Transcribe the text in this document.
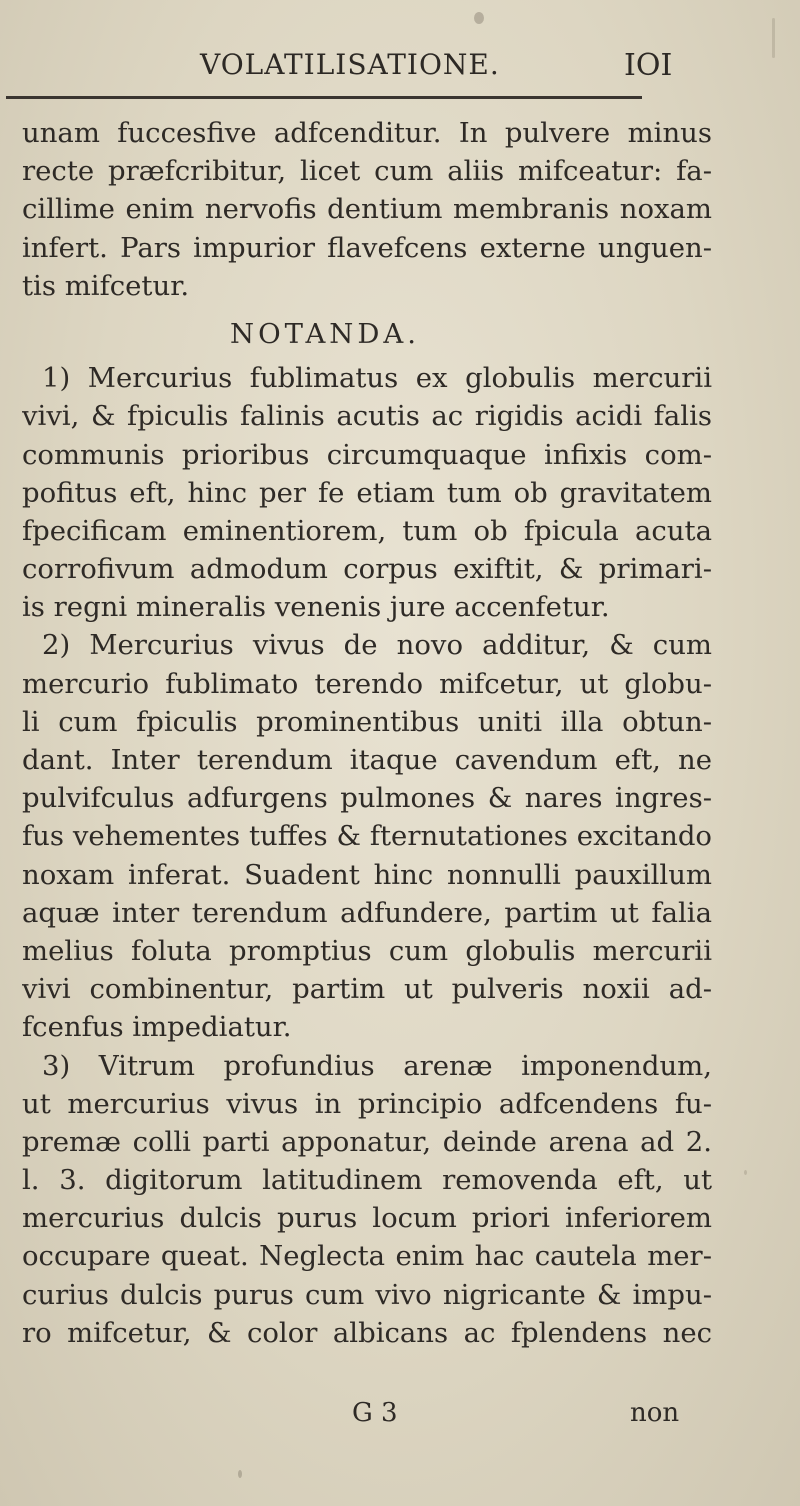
VOLATILISATIONE.	IOI
unam fuccesfive adfcenditur. In pulvere minus
recte præfcribitur, licet cum aliis mifceatur: fa-
cillime enim nervofis dentium membranis noxam
infert. Pars impurior flavefcens externe unguen-
tis mifcetur.
NOTANDA.
1) Mercurius fublimatus ex globulis mercurii
vivi, & fpiculis falinis acutis ac rigidis acidi falis
communis prioribus circumquaque infixis com-
pofitus eft, hinc per fe etiam tum ob gravitatem
fpecificam eminentiorem, tum ob fpicula acuta
corrofivum admodum corpus exiftit, & primari-
is regni mineralis venenis jure accenfetur.
2) Mercurius vivus de novo additur, & cum
mercurio fublimato terendo mifcetur, ut globu-
li cum fpiculis prominentibus uniti illa obtun-
dant. Inter terendum itaque cavendum eft, ne
pulvifculus adfurgens pulmones & nares ingres-
fus vehementes tuffes & fternutationes excitando
noxam inferat. Suadent hinc nonnulli pauxillum
aquæ inter terendum adfundere, partim ut falia
melius foluta promptius cum globulis mercurii
vivi combinentur, partim ut pulveris noxii ad-
fcenfus impediatur.
3) Vitrum profundius arenæ imponendum,
ut mercurius vivus in principio adfcendens fu-
premæ colli parti apponatur, deinde arena ad 2.
l. 3. digitorum latitudinem removenda eft, ut
mercurius dulcis purus locum priori inferiorem
occupare queat. Neglecta enim hac cautela mer-
curius dulcis purus cum vivo nigricante & impu-
ro mifcetur, & color albicans ac fplendens nec
G 3	non
